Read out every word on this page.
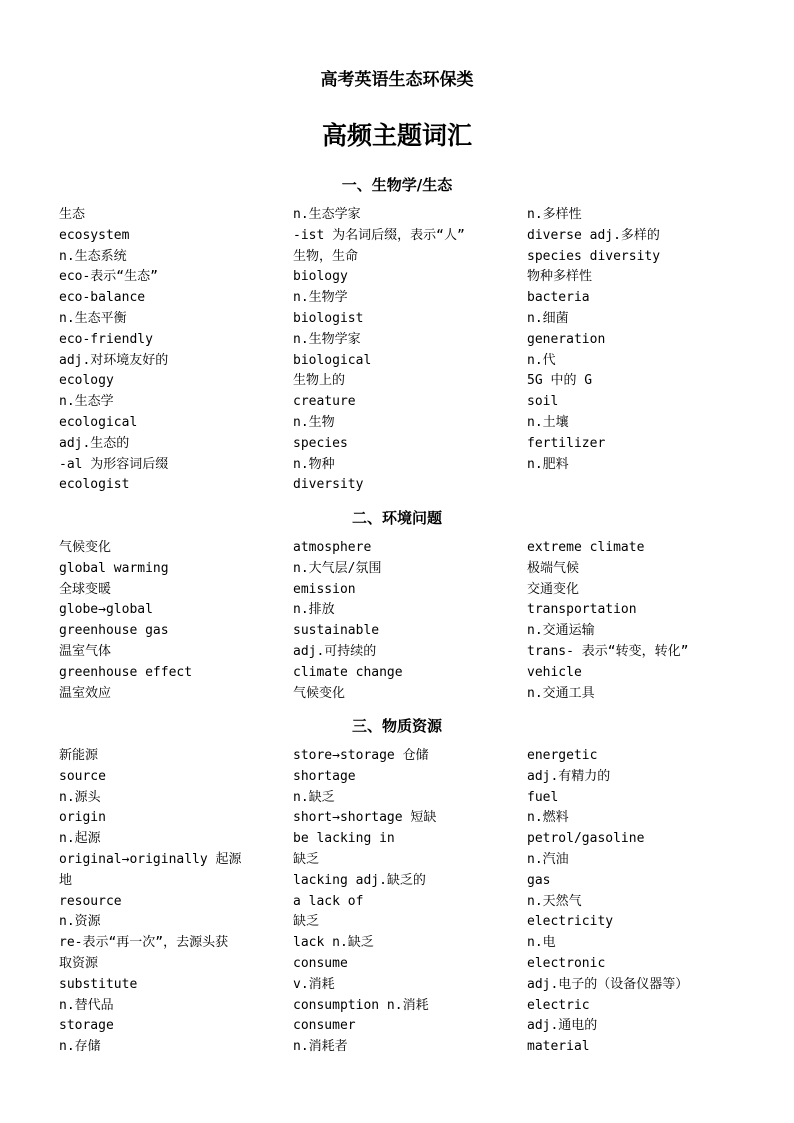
高考英语生态环保类
高频主题词汇
一、生物学/生态
生态
ecosystem
n.生态系统
eco-表示“生态”
eco-balance
n.生态平衡
eco-friendly
adj.对环境友好的
ecology
n.生态学
ecological
adj.生态的
-al 为形容词后缀
ecologist
n.生态学家
-ist 为名词后缀，表示“人”
生物，生命
biology
n.生物学
biologist
n.生物学家
biological
生物上的
creature
n.生物
species
n.物种
diversity
n.多样性
diverse adj.多样的
species diversity
物种多样性
bacteria
n.细菌
generation
n.代
5G 中的 G
soil
n.土壤
fertilizer
n.肥料
二、环境问题
气候变化
global warming
全球变暖
globe→global
greenhouse gas
温室气体
greenhouse effect
温室效应
atmosphere
n.大气层/氛围
emission
n.排放
sustainable
adj.可持续的
climate change
气候变化
extreme climate
极端气候
交通变化
transportation
n.交通运输
trans- 表示“转变，转化”
vehicle
n.交通工具
三、物质资源
新能源
source
n.源头
origin
n.起源
original→originally 起源
地
resource
n.资源
re-表示“再一次”，去源头获
取资源
substitute
n.替代品
storage
n.存储
store→storage 仓储
shortage
n.缺乏
short→shortage 短缺
be lacking in
缺乏
lacking adj.缺乏的
a lack of
缺乏
lack n.缺乏
consume
v.消耗
consumption n.消耗
consumer
n.消耗者
energetic
adj.有精力的
fuel
n.燃料
petrol/gasoline
n.汽油
gas
n.天然气
electricity
n.电
electronic
adj.电子的（设备仪器等）
electric
adj.通电的
material
